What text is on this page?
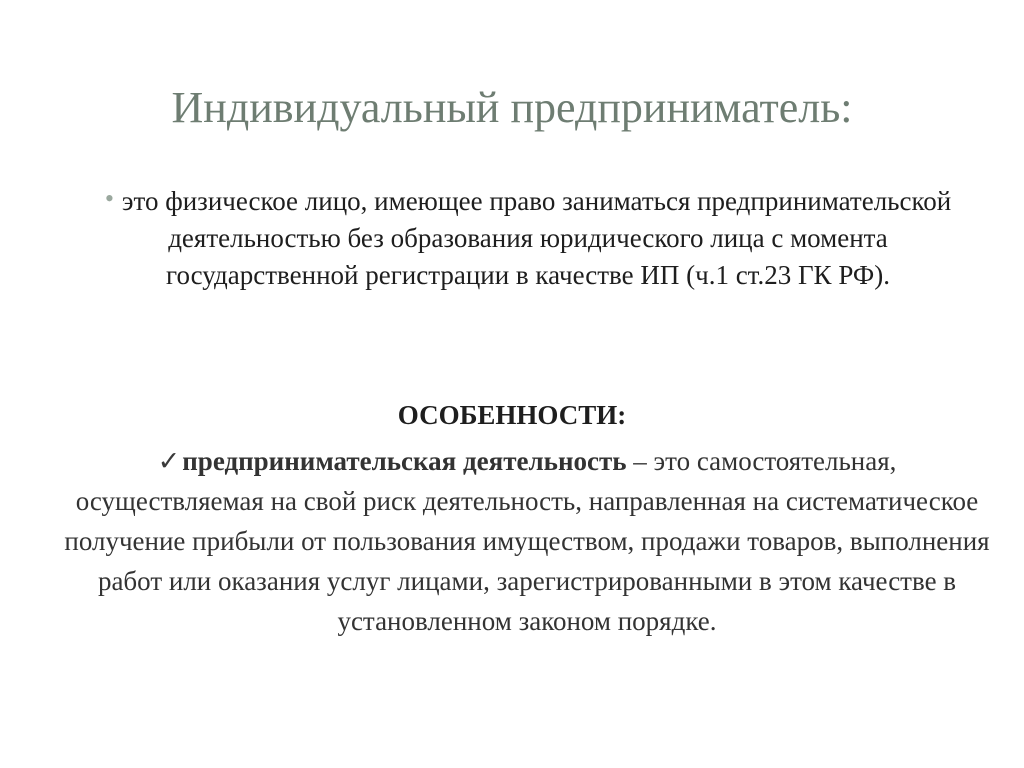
Индивидуальный предприниматель:
• это физическое лицо, имеющее право заниматься предпринимательской деятельностью без образования юридического лица с момента государственной регистрации в качестве ИП (ч.1 ст.23 ГК РФ).
ОСОБЕННОСТИ:
✓предпринимательская деятельность – это самостоятельная, осуществляемая на свой риск деятельность, направленная на систематическое получение прибыли от пользования имуществом, продажи товаров, выполнения работ или оказания услуг лицами, зарегистрированными в этом качестве в установленном законом порядке.
